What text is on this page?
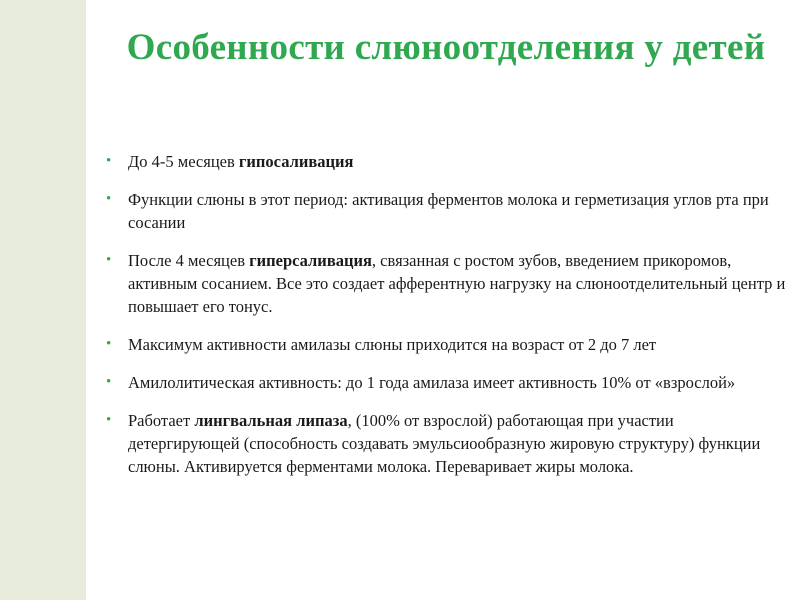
Особенности слюноотделения у детей
• До 4-5 месяцев гипосаливация
• Функции слюны в этот период: активация ферментов молока и герметизация углов рта при сосании
• После 4 месяцев гиперсаливация, связанная с ростом зубов, введением прикоромов, активным сосанием. Все это создает афферентную нагрузку на слюноотделительный центр и повышает его тонус.
• Максимум активности амилазы слюны приходится на возраст от 2 до 7 лет
• Амилолитическая активность: до 1 года амилаза имеет активность 10% от «взрослой»
• Работает лингвальная липаза, (100% от взрослой) работающая при участии детергирующей (способность создавать эмульсиообразную жировую структуру) функции слюны. Активируется ферментами молока. Переваривает жиры молока.
